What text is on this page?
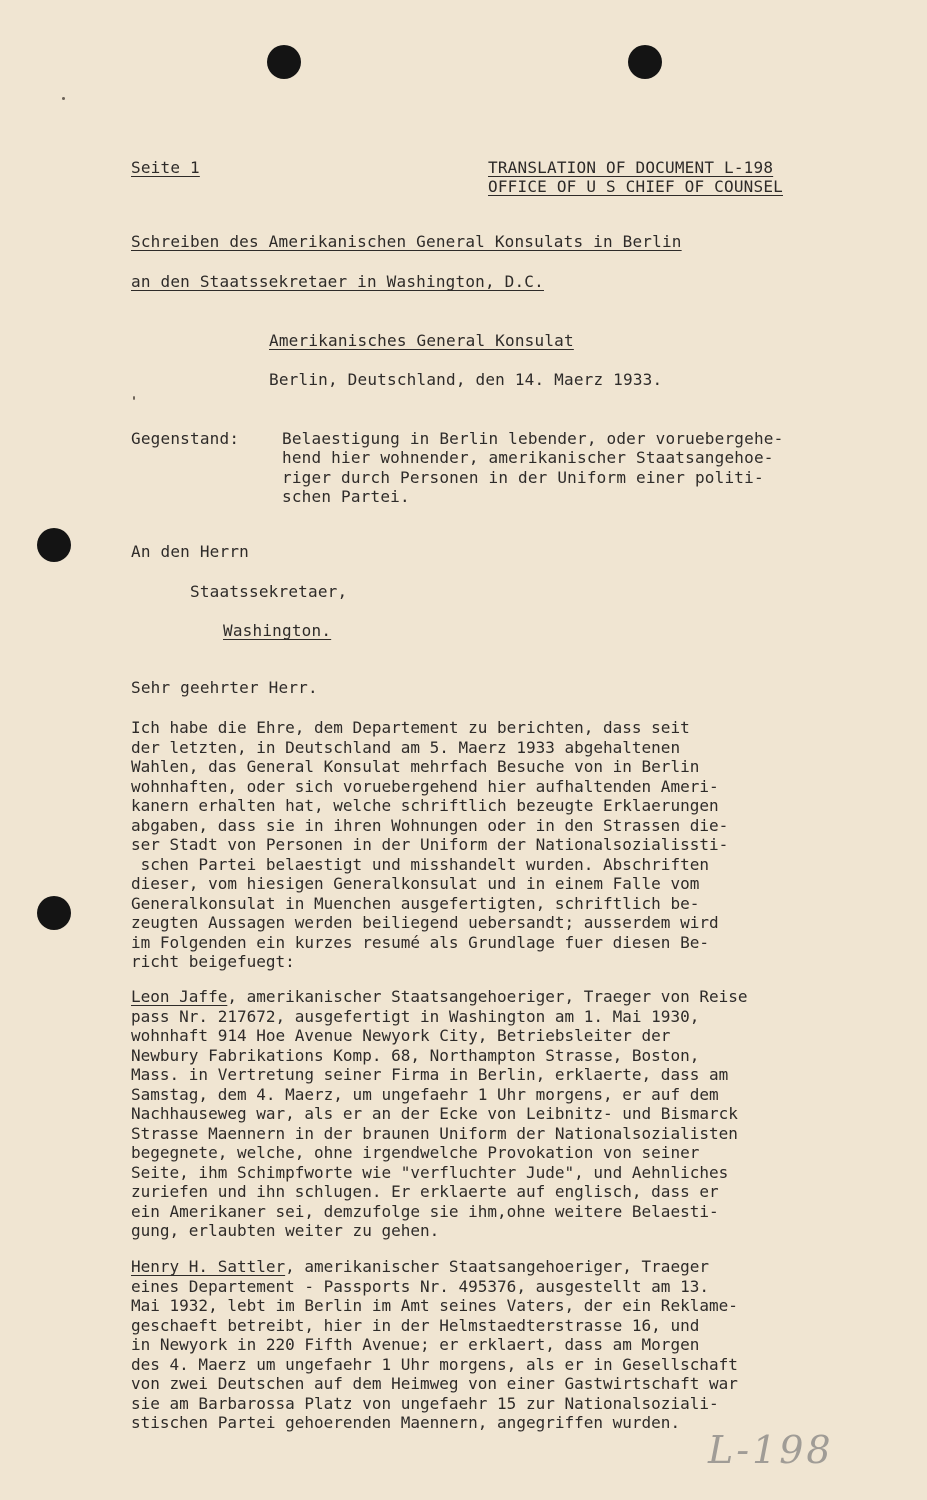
Seite 1	TRANSLATION OF DOCUMENT L-198
OFFICE OF U S CHIEF OF COUNSEL
Schreiben des Amerikanischen General Konsulats in Berlin
an den Staatssekretaer in Washington, D.C.
Amerikanisches General Konsulat
Berlin, Deutschland, den 14. Maerz 1933.
Gegenstand:	Belaestigung in Berlin lebender, oder voruebergehe-
hend hier wohnender, amerikanischer Staatsangehoe-
riger durch Personen in der Uniform einer politi-
schen Partei.
An den Herrn
Staatssekretaer,
Washington.
Sehr geehrter Herr.
Ich habe die Ehre, dem Departement zu berichten, dass seit
der letzten, in Deutschland am 5. Maerz 1933 abgehaltenen
Wahlen, das General Konsulat mehrfach Besuche von in Berlin
wohnhaften, oder sich voruebergehend hier aufhaltenden Ameri-
kanern erhalten hat, welche schriftlich bezeugte Erklaerungen
abgaben, dass sie in ihren Wohnungen oder in den Strassen die-
ser Stadt von Personen in der Uniform der Nationalsozialissti-
schen Partei belaestigt und misshandelt wurden. Abschriften
dieser, vom hiesigen Generalkonsulat und in einem Falle vom
Generalkonsulat in Muenchen ausgefertigten, schriftlich be-
zeugten Aussagen werden beiliegend uebersandt; ausserdem wird
im Folgenden ein kurzes resumé als Grundlage fuer diesen Be-
richt beigefuegt:
Leon Jaffe, amerikanischer Staatsangehoeriger, Traeger von Reise
pass Nr. 217672, ausgefertigt in Washington am 1. Mai 1930,
wohnhaft 914 Hoe Avenue Newyork City, Betriebsleiter der
Newbury Fabrikations Komp. 68, Northampton Strasse, Boston,
Mass. in Vertretung seiner Firma in Berlin, erklaerte, dass am
Samstag, dem 4. Maerz, um ungefaehr 1 Uhr morgens, er auf dem
Nachhauseweg war, als er an der Ecke von Leibnitz- und Bismarck
Strasse Maennern in der braunen Uniform der Nationalsozialisten
begegnete, welche, ohne irgendwelche Provokation von seiner
Seite, ihm Schimpfworte wie "verfluchter Jude", und Aehnliches
zuriefen und ihn schlugen. Er erklaerte auf englisch, dass er
ein Amerikaner sei, demzufolge sie ihm,ohne weitere Belaesti-
gung, erlaubten weiter zu gehen.
Henry H. Sattler, amerikanischer Staatsangehoeriger, Traeger
eines Departement - Passports Nr. 495376, ausgestellt am 13.
Mai 1932, lebt im Berlin im Amt seines Vaters, der ein Reklame-
geschaeft betreibt, hier in der Helmstaedterstrasse 16, und
in Newyork in 220 Fifth Avenue; er erklaert, dass am Morgen
des 4. Maerz um ungefaehr 1 Uhr morgens, als er in Gesellschaft
von zwei Deutschen auf dem Heimweg von einer Gastwirtschaft war
sie am Barbarossa Platz von ungefaehr 15 zur Nationalsoziali-
stischen Partei gehoerenden Maennern, angegriffen wurden.
L-198
